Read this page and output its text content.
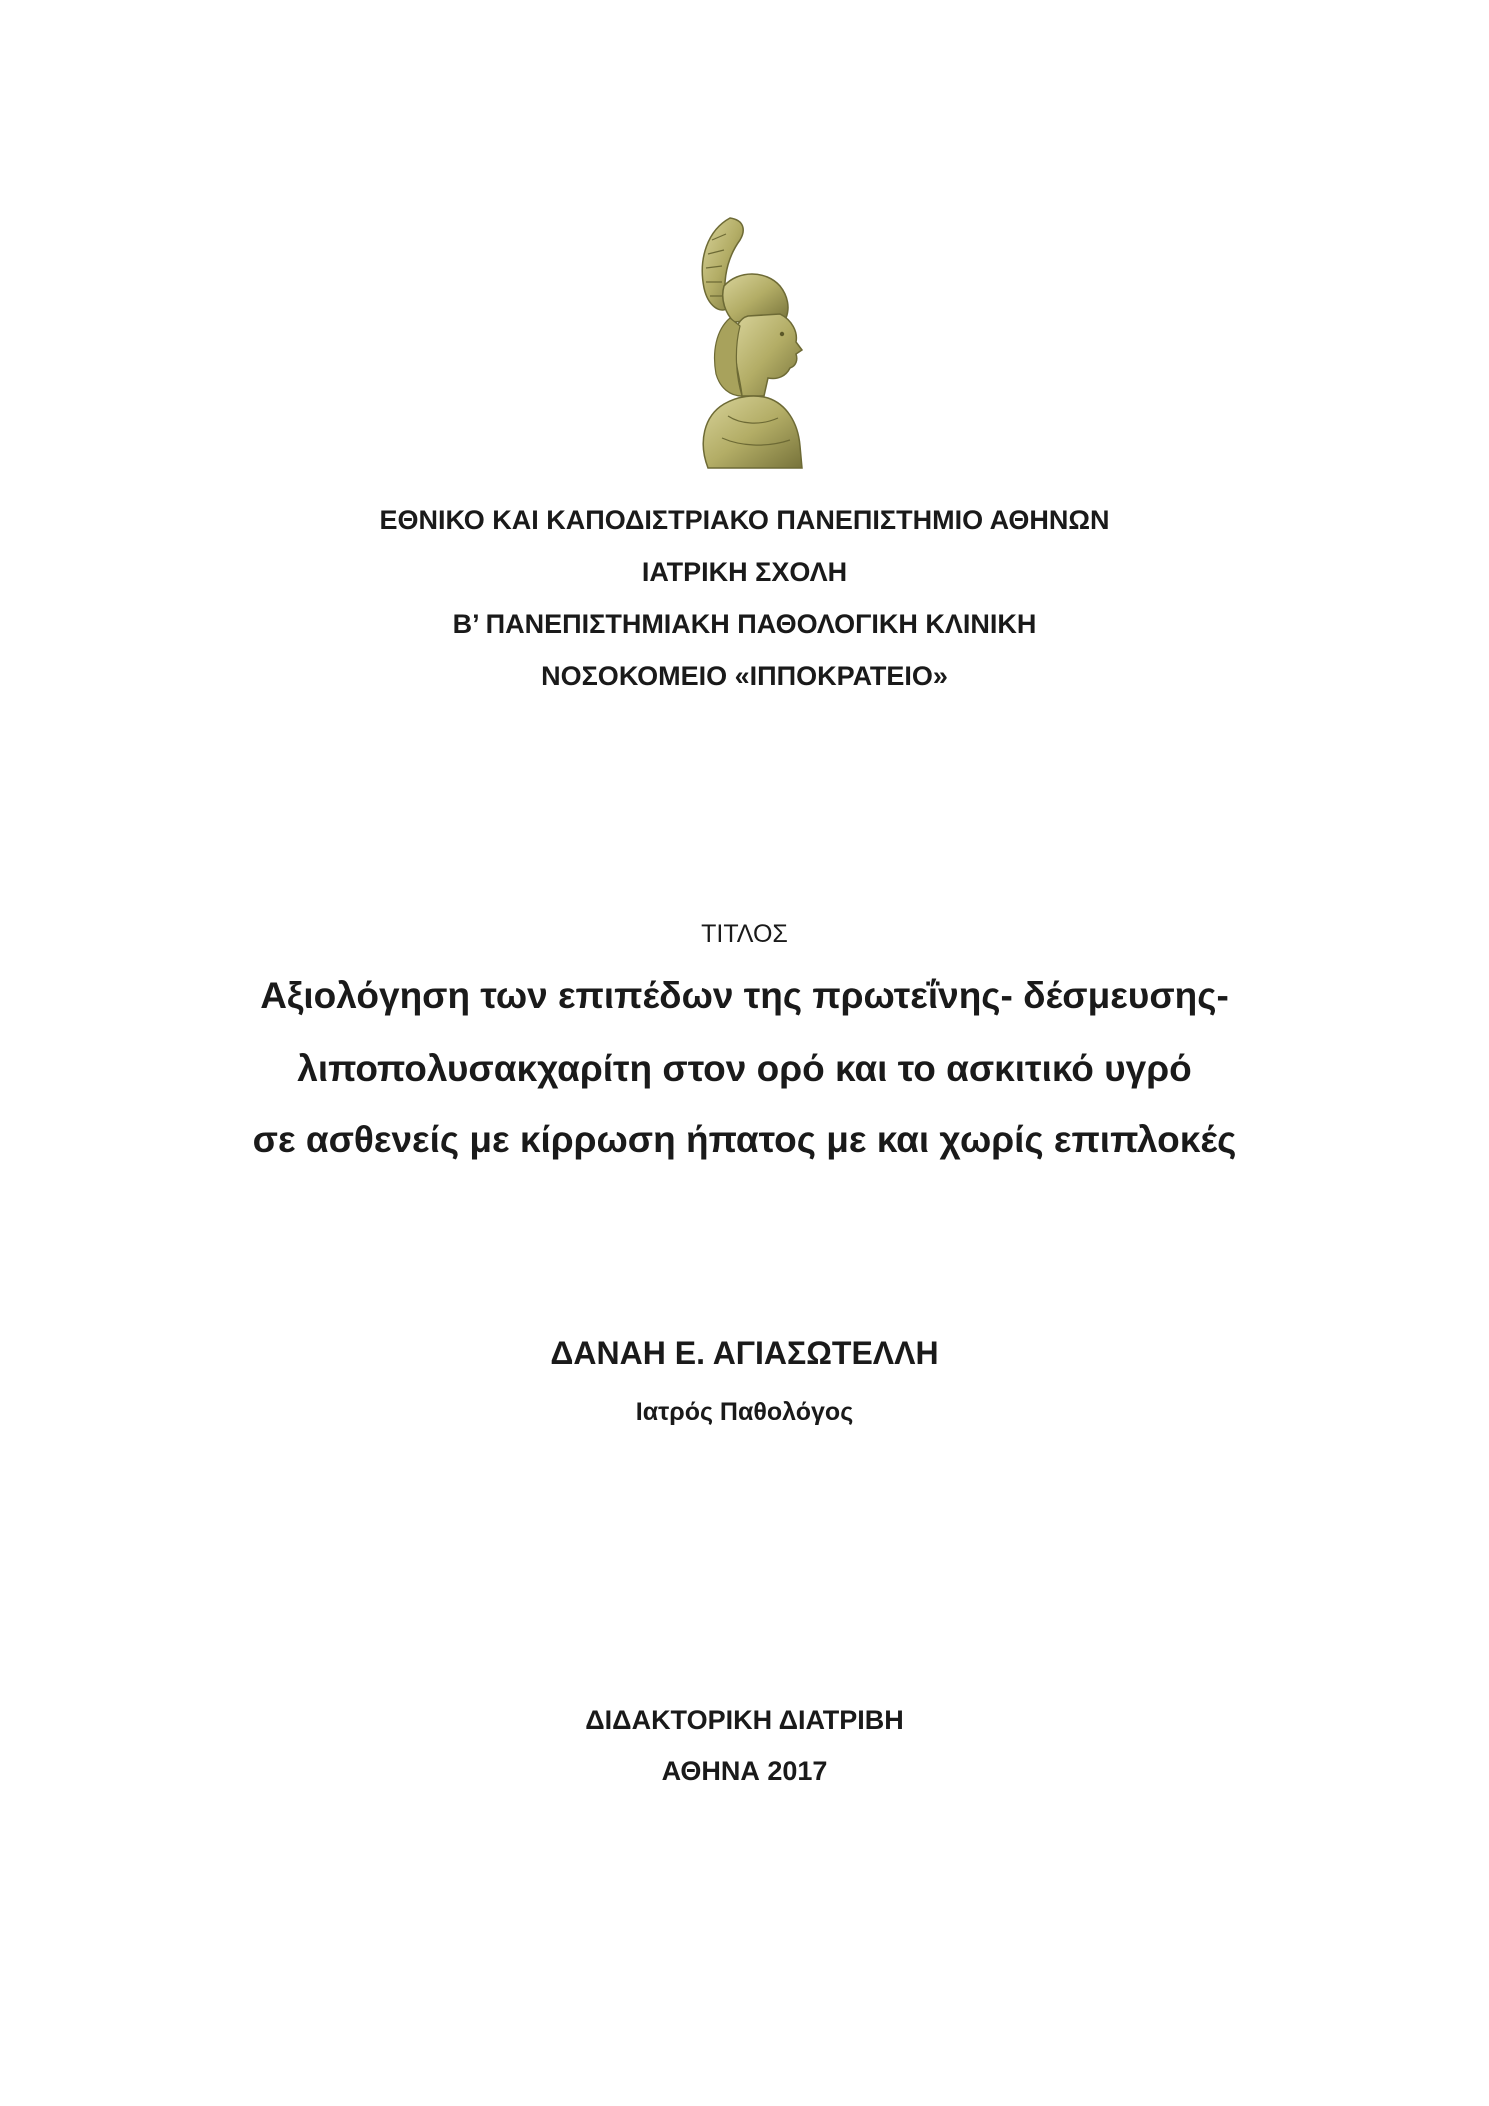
ΕΘΝΙΚΟ ΚΑΙ ΚΑΠΟΔΙΣΤΡΙΑΚΟ ΠΑΝΕΠΙΣΤΗΜΙΟ ΑΘΗΝΩΝ
ΙΑΤΡΙΚΗ ΣΧΟΛΗ
Β’ ΠΑΝΕΠΙΣΤΗΜΙΑΚΗ ΠΑΘΟΛΟΓΙΚΗ ΚΛΙΝΙΚΗ
ΝΟΣΟΚΟΜΕΙΟ «ΙΠΠΟΚΡΑΤΕΙΟ»
ΤΙΤΛΟΣ
Αξιολόγηση των επιπέδων της πρωτεΐνης- δέσμευσης-
λιποπολυσακχαρίτη στον ορό και το ασκιτικό υγρό
σε ασθενείς με κίρρωση ήπατος με και χωρίς επιπλοκές
ΔΑΝΑΗ Ε. ΑΓΙΑΣΩΤΕΛΛΗ
Ιατρός Παθολόγος
ΔΙΔΑΚΤΟΡΙΚΗ ΔΙΑΤΡΙΒΗ
ΑΘΗΝΑ 2017
